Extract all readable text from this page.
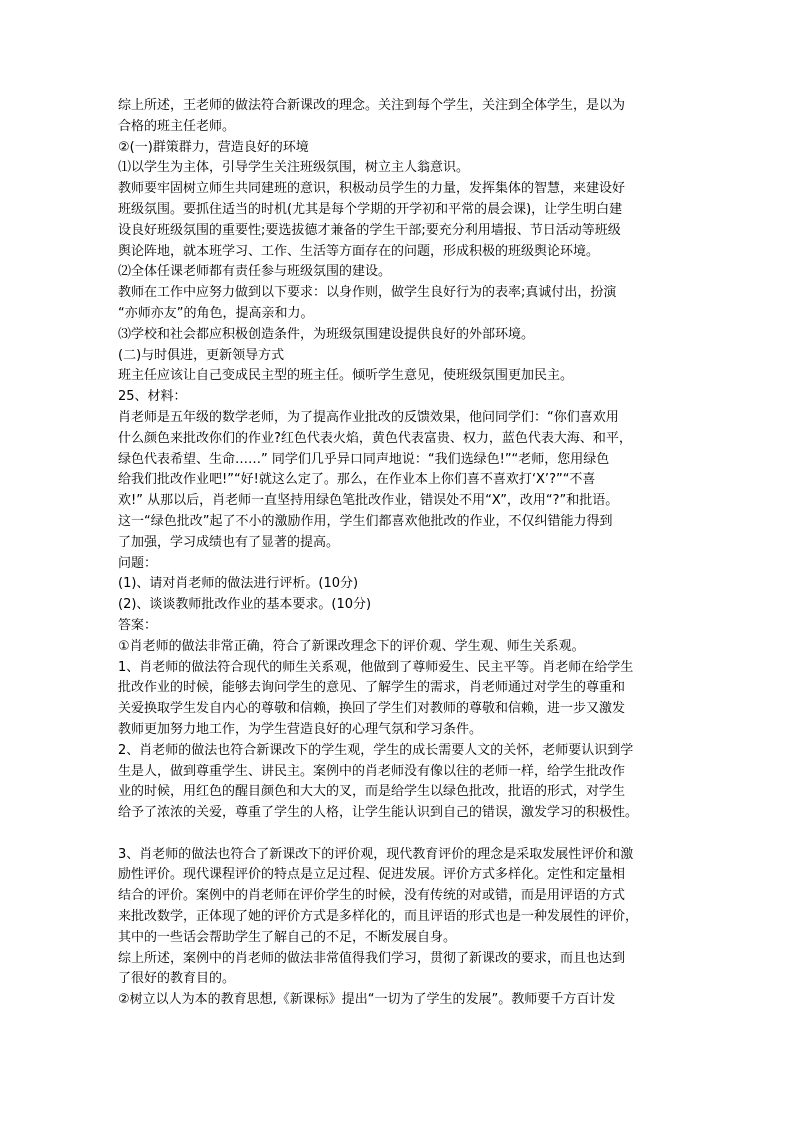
综上所述，王老师的做法符合新课改的理念。关注到每个学生，关注到全体学生，是以为
合格的班主任老师。
②(一)群策群力，营造良好的环境
⑴以学生为主体，引导学生关注班级氛围，树立主人翁意识。
教师要牢固树立师生共同建班的意识，积极动员学生的力量，发挥集体的智慧，来建设好
班级氛围。要抓住适当的时机(尤其是每个学期的开学初和平常的晨会课)，让学生明白建
设良好班级氛围的重要性;要选拔德才兼备的学生干部;要充分利用墙报、节日活动等班级
舆论阵地，就本班学习、工作、生活等方面存在的问题，形成积极的班级舆论环境。
⑵全体任课老师都有责任参与班级氛围的建设。
教师在工作中应努力做到以下要求：以身作则，做学生良好行为的表率;真诚付出，扮演
“亦师亦友”的角色，提高亲和力。
⑶学校和社会都应积极创造条件，为班级氛围建设提供良好的外部环境。
(二)与时俱进，更新领导方式
班主任应该让自己变成民主型的班主任。倾听学生意见，使班级氛围更加民主。
25、材料：
肖老师是五年级的数学老师，为了提高作业批改的反馈效果，他问同学们：“你们喜欢用
什么颜色来批改你们的作业?红色代表火焰，黄色代表富贵、权力，蓝色代表大海、和平，
绿色代表希望、生命……” 同学们几乎异口同声地说：“我们选绿色!”“老师，您用绿色
给我们批改作业吧!”“好!就这么定了。那么，在作业本上你们喜不喜欢打‘X’?”“不喜
欢!” 从那以后，肖老师一直坚持用绿色笔批改作业，错误处不用“X”，改用“?”和批语。
这一“绿色批改”起了不小的激励作用，学生们都喜欢他批改的作业，不仅纠错能力得到
了加强，学习成绩也有了显著的提高。
问题：
(1)、请对肖老师的做法进行评析。(10分)
(2)、谈谈教师批改作业的基本要求。(10分)
答案：
①肖老师的做法非常正确，符合了新课改理念下的评价观、学生观、师生关系观。
1、肖老师的做法符合现代的师生关系观，他做到了尊师爱生、民主平等。肖老师在给学生
批改作业的时候，能够去询问学生的意见、了解学生的需求，肖老师通过对学生的尊重和
关爱换取学生发自内心的尊敬和信赖，换回了学生们对教师的尊敬和信赖，进一步又激发
教师更加努力地工作，为学生营造良好的心理气氛和学习条件。
2、肖老师的做法也符合新课改下的学生观，学生的成长需要人文的关怀，老师要认识到学
生是人，做到尊重学生、讲民主。案例中的肖老师没有像以往的老师一样，给学生批改作
业的时候，用红色的醒目颜色和大大的叉，而是给学生以绿色批改，批语的形式，对学生
给予了浓浓的关爱，尊重了学生的人格，让学生能认识到自己的错误，激发学习的积极性。
3、肖老师的做法也符合了新课改下的评价观，现代教育评价的理念是采取发展性评价和激
励性评价。现代课程评价的特点是立足过程、促进发展。评价方式多样化。定性和定量相
结合的评价。案例中的肖老师在评价学生的时候，没有传统的对或错，而是用评语的方式
来批改数学，正体现了她的评价方式是多样化的，而且评语的形式也是一种发展性的评价，
其中的一些话会帮助学生了解自己的不足，不断发展自身。
综上所述，案例中的肖老师的做法非常值得我们学习，贯彻了新课改的要求，而且也达到
了很好的教育目的。
②树立以人为本的教育思想,《新课标》提出“一切为了学生的发展”。教师要千方百计发
